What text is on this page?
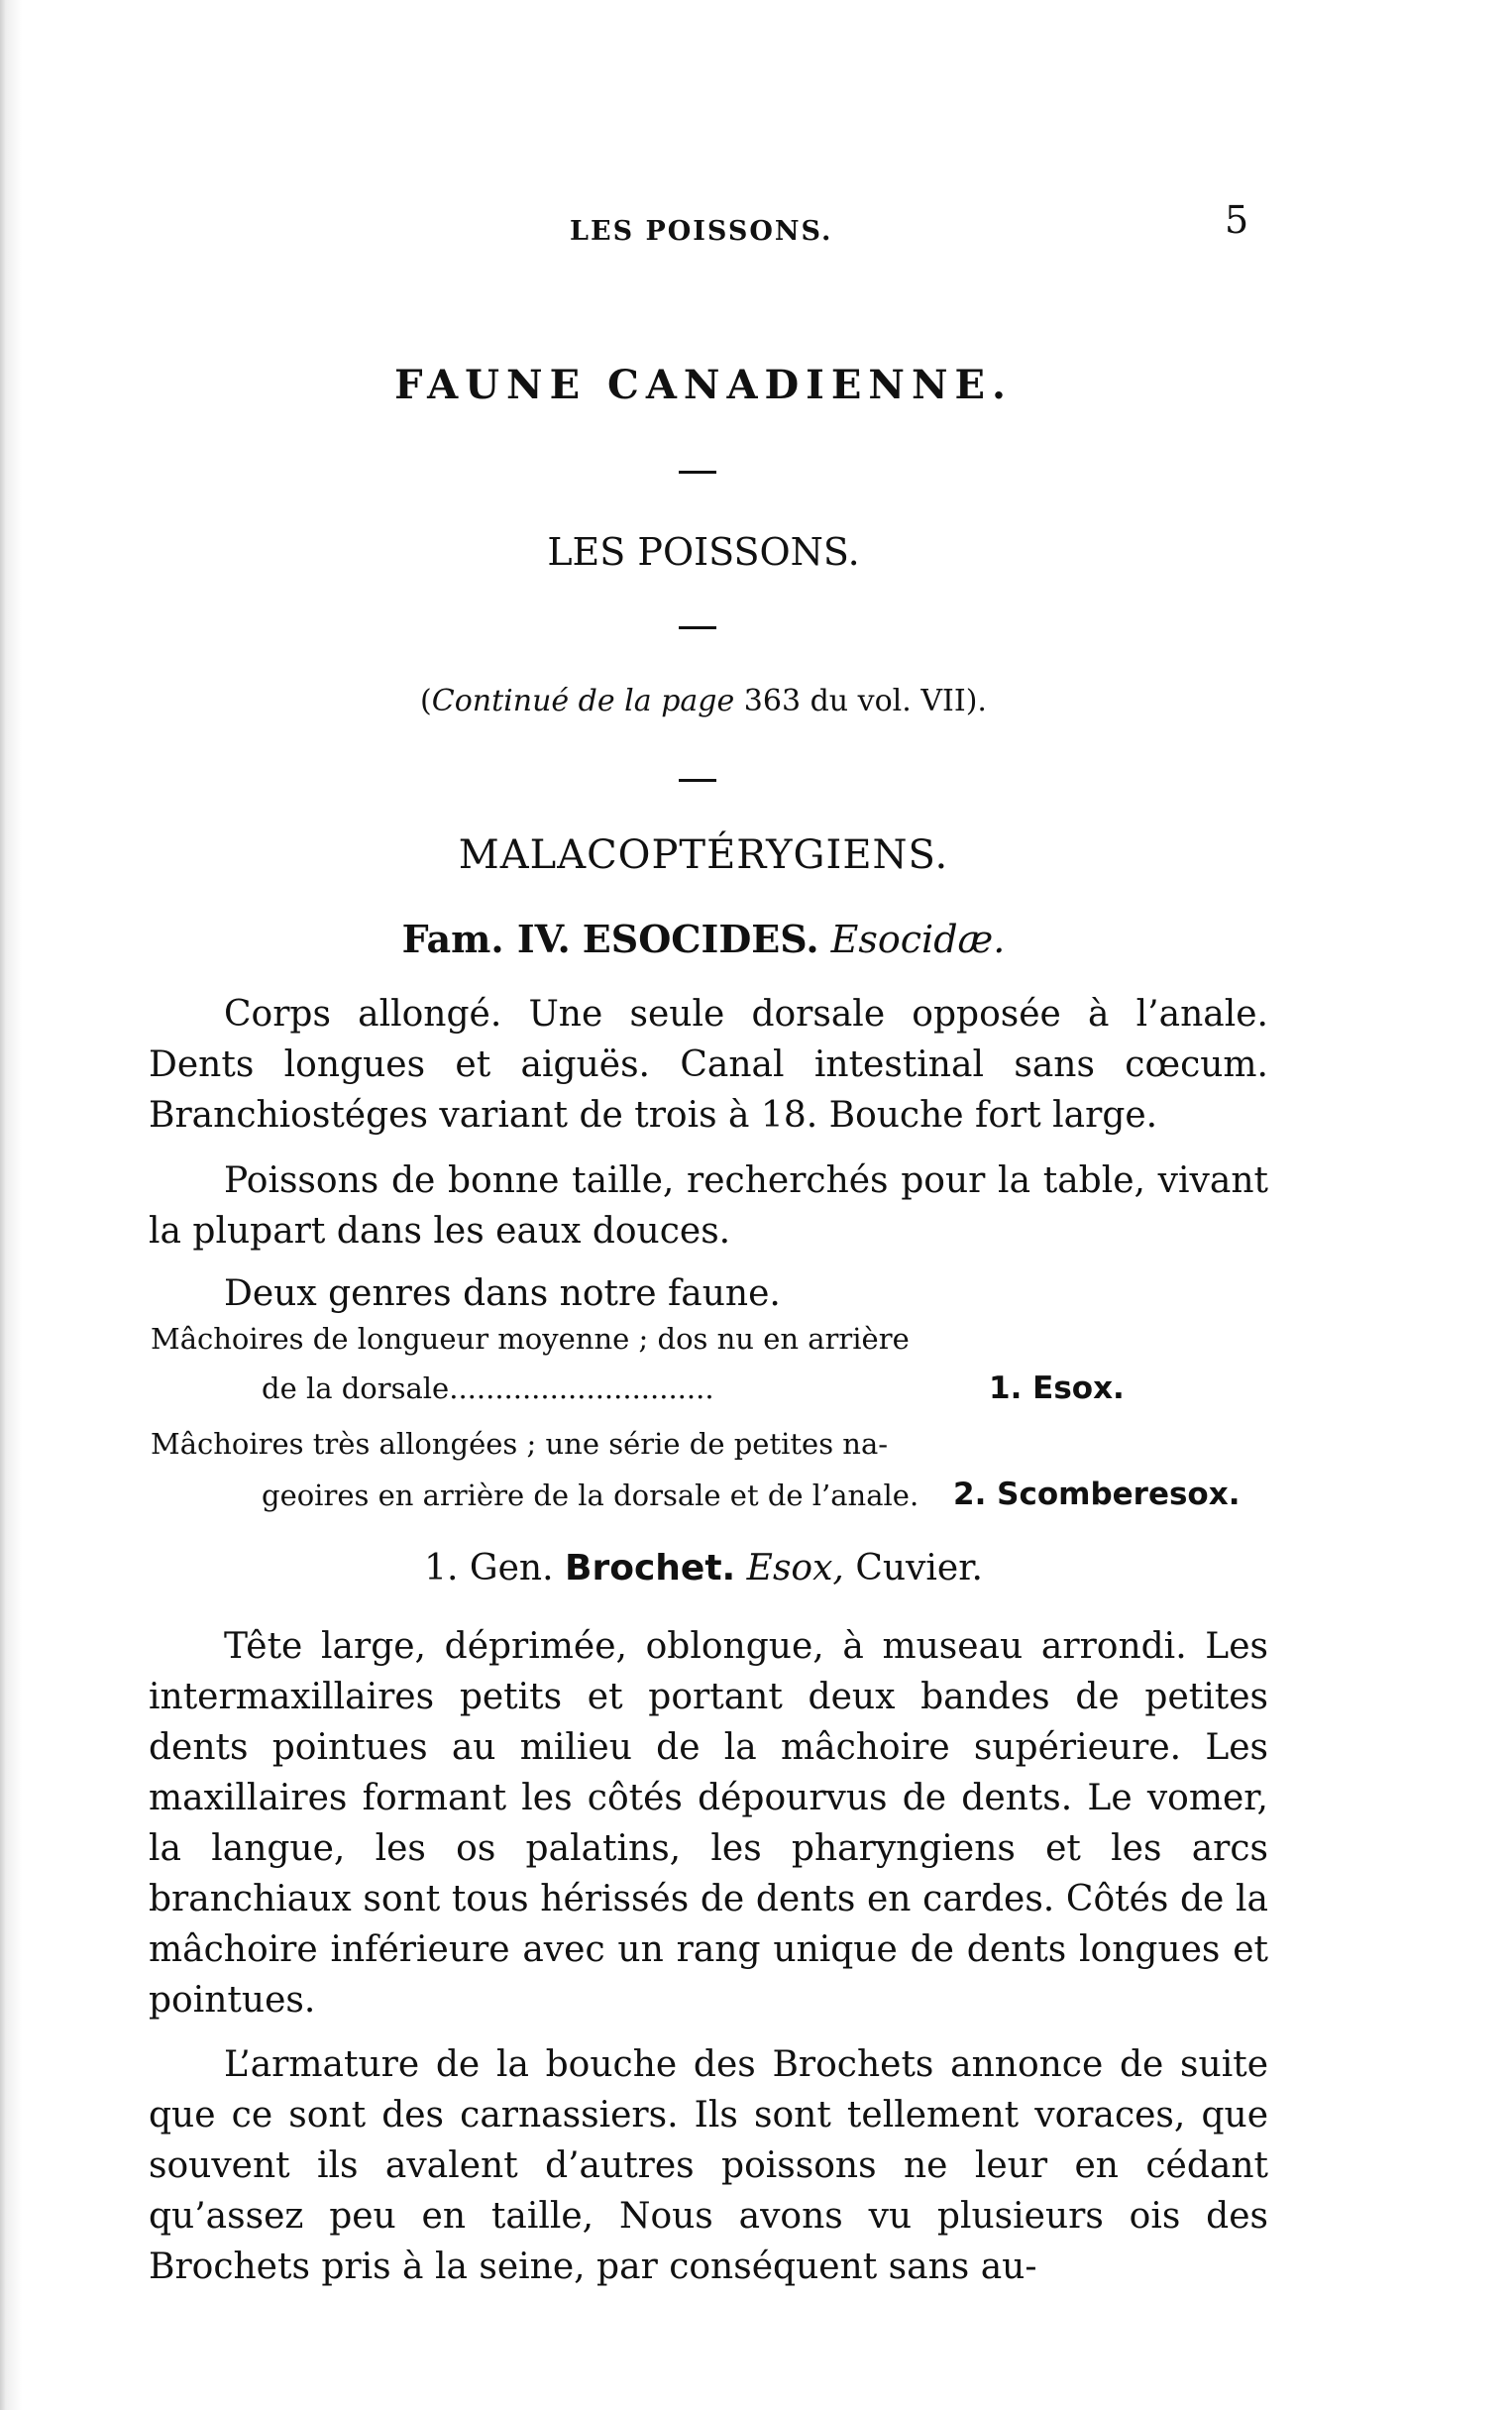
LES POISSONS.	5
FAUNE CANADIENNE.
LES POISSONS.
(Continué de la page 363 du vol. VII).
MALACOPTÉRYGIENS.
Fam. IV. ESOCIDES. Esocidæ.
Corps allongé. Une seule dorsale opposée à l’anale. Dents longues et aiguës. Canal intestinal sans cœcum. Branchiostéges variant de trois à 18. Bouche fort large.
Poissons de bonne taille, recherchés pour la table, vivant la plupart dans les eaux douces.
Deux genres dans notre faune.
Mâchoires de longueur moyenne ; dos nu en arrière
de la dorsale.............................	1. Esox.
Mâchoires très allongées ; une série de petites na-
geoires en arrière de la dorsale et de l’anale. 2. Scomberesox.
1. Gen. Brochet. Esox, Cuvier.
Tête large, déprimée, oblongue, à museau arrondi. Les intermaxillaires petits et portant deux bandes de petites dents pointues au milieu de la mâchoire supérieure. Les maxillaires formant les côtés dépourvus de dents. Le vomer, la langue, les os palatins, les pharyngiens et les arcs branchiaux sont tous hérissés de dents en cardes. Côtés de la mâchoire inférieure avec un rang unique de dents longues et pointues.
L’armature de la bouche des Brochets annonce de suite que ce sont des carnassiers. Ils sont tellement voraces, que souvent ils avalent d’autres poissons ne leur en cédant qu’assez peu en taille, Nous avons vu plusieurs ois des Brochets pris à la seine, par conséquent sans au-
